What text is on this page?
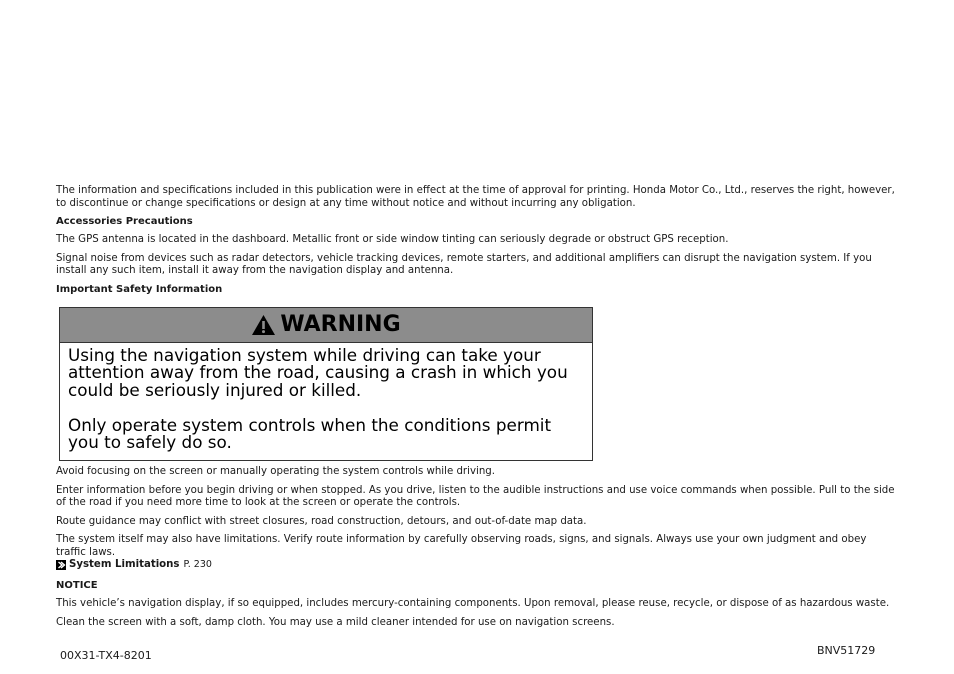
The information and specifications included in this publication were in effect at the time of approval for printing. Honda Motor Co., Ltd., reserves the right, however, to discontinue or change specifications or design at any time without notice and without incurring any obligation.

Accessories Precautions

The GPS antenna is located in the dashboard. Metallic front or side window tinting can seriously degrade or obstruct GPS reception.

Signal noise from devices such as radar detectors, vehicle tracking devices, remote starters, and additional amplifiers can disrupt the navigation system. If you install any such item, install it away from the navigation display and antenna.

Important Safety Information
WARNING

Using the navigation system while driving can take your attention away from the road, causing a crash in which you could be seriously injured or killed.

Only operate system controls when the conditions permit you to safely do so.

Avoid focusing on the screen or manually operating the system controls while driving.

Enter information before you begin driving or when stopped. As you drive, listen to the audible instructions and use voice commands when possible. Pull to the side of the road if you need more time to look at the screen or operate the controls.

Route guidance may conflict with street closures, road construction, detours, and out-of-date map data.

The system itself may also have limitations. Verify route information by carefully observing roads, signs, and signals. Always use your own judgment and obey traffic laws.

System Limitations P. 230
NOTICE

This vehicle’s navigation display, if so equipped, includes mercury-containing components. Upon removal, please reuse, recycle, or dispose of as hazardous waste.

Clean the screen with a soft, damp cloth. You may use a mild cleaner intended for use on navigation screens.

00X31-TX4-8201	BNV51729
